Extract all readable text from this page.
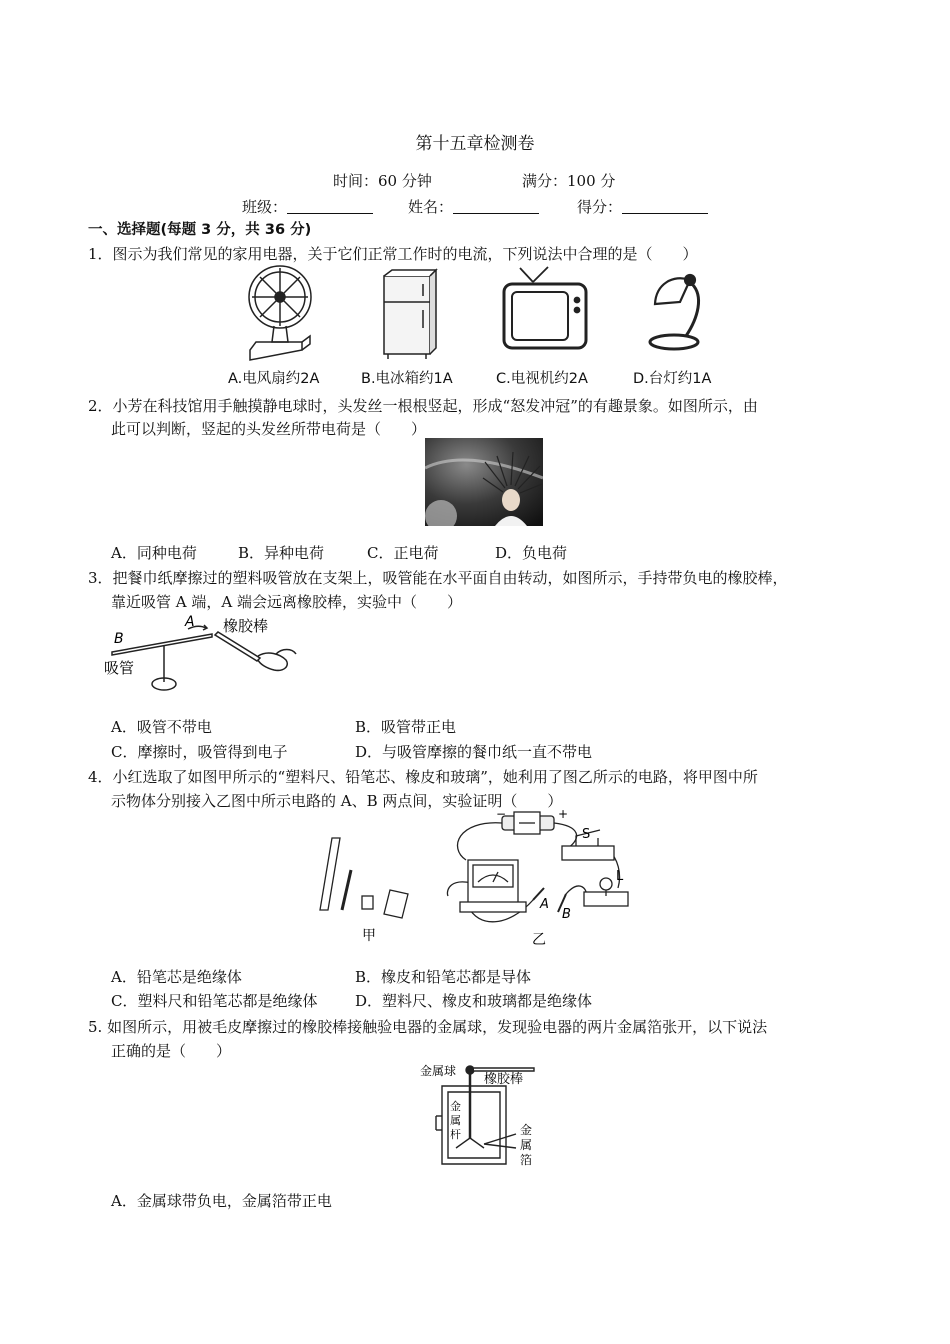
第十五章检测卷
时间：60 分钟	满分：100 分
班级：	姓名：	得分：
一、选择题(每题 3 分，共 36 分)
1．图示为我们常见的家用电器，关于它们正常工作时的电流，下列说法中合理的是（　　）
A.电风扇约2A	B.电冰箱约1A	C.电视机约2A	D.台灯约1A
2．小芳在科技馆用手触摸静电球时，头发丝一根根竖起，形成“怒发冲冠”的有趣景象。如图所示，由
此可以判断，竖起的头发丝所带电荷是（　　）
A．同种电荷	B．异种电荷	C．正电荷	D．负电荷
3．把餐巾纸摩擦过的塑料吸管放在支架上，吸管能在水平面自由转动，如图所示，手持带负电的橡胶棒，
靠近吸管 A 端，A 端会远离橡胶棒，实验中（　　）
B
A 橡胶棒
吸管
A．吸管不带电	B．吸管带正电
C．摩擦时，吸管得到电子	D．与吸管摩擦的餐巾纸一直不带电
4．小红选取了如图甲所示的“塑料尺、铅笔芯、橡皮和玻璃”，她利用了图乙所示的电路，将甲图中所
示物体分别接入乙图中所示电路的 A、B 两点间，实验证明（　　）
甲	乙
S
L
A
B
−	+
A．铅笔芯是绝缘体	B．橡皮和铅笔芯都是导体
C．塑料尺和铅笔芯都是绝缘体	D．塑料尺、橡皮和玻璃都是绝缘体
5. 如图所示，用被毛皮摩擦过的橡胶棒接触验电器的金属球，发现验电器的两片金属箔张开，以下说法
正确的是（　　）
金属球
橡胶棒
金
属
杆	金
属
箔
A．金属球带负电，金属箔带正电
